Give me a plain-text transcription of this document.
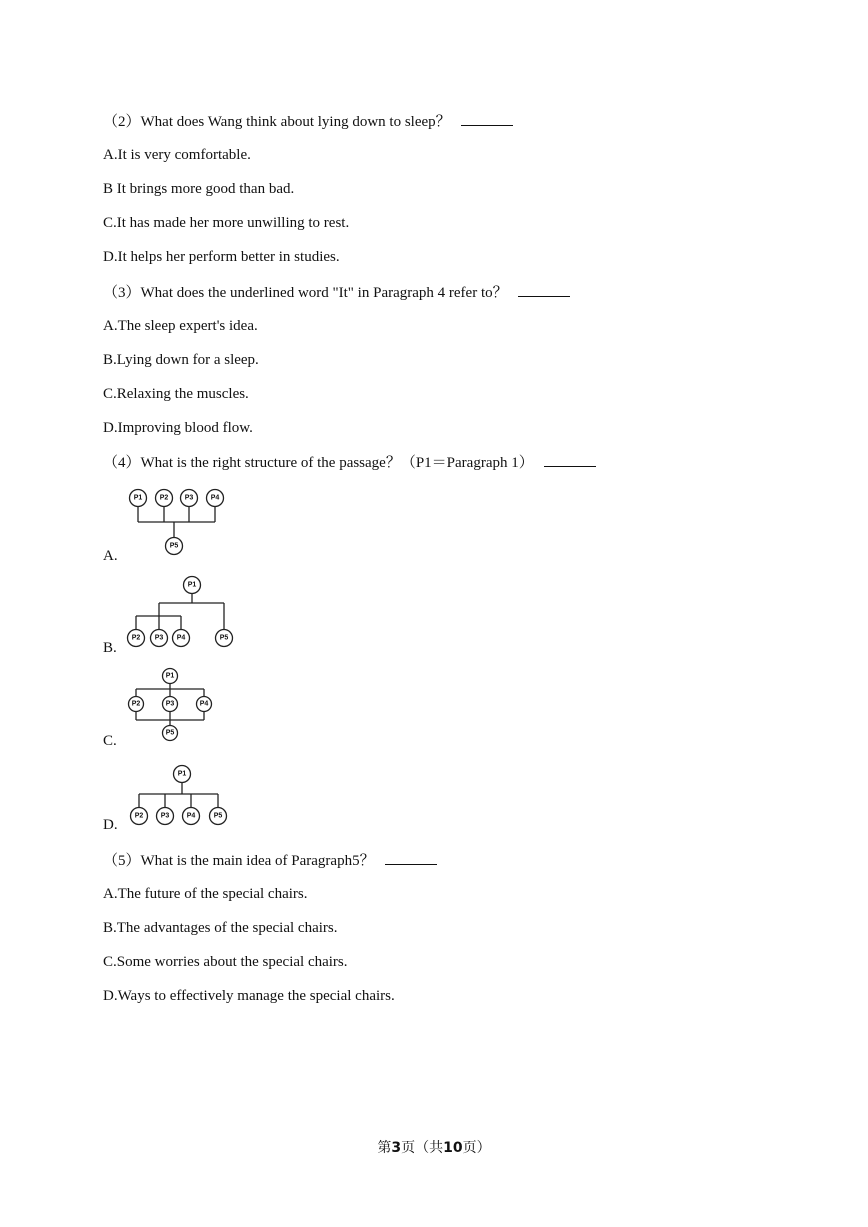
（2）What does Wang think about lying down to sleep？
A.It is very comfortable.
B It brings more good than bad.
C.It has made her more unwilling to rest.
D.It helps her perform better in studies.
（3）What does the underlined word "It" in Paragraph 4 refer to？
A.The sleep expert's idea.
B.Lying down for a sleep.
C.Relaxing the muscles.
D.Improving blood flow.
（4）What is the right structure of the passage？（P1＝Paragraph 1）
P1 P2 P3 P4
P5
A.
P1
P2 P3 P4	P5
B.
P1
P2	P3	P4
P5
C.
P1
P2 P3 P4	P5
D.
（5）What is the main idea of Paragraph5？
A.The future of the special chairs.
B.The advantages of the special chairs.
C.Some worries about the special chairs.
D.Ways to effectively manage the special chairs.
第3页（共10页）
